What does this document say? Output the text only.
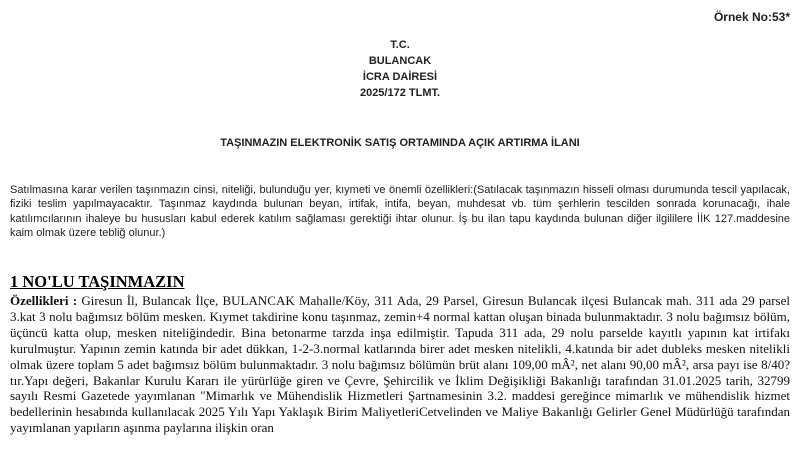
Örnek No:53*
T.C.
BULANCAK
İCRA DAİRESİ
2025/172 TLMT.
TAŞINMAZIN ELEKTRONİK SATIŞ ORTAMINDA AÇIK ARTIRMA İLANI
Satılmasına karar verilen taşınmazın cinsi, niteliği, bulunduğu yer, kıymeti ve önemli özellikleri:(Satılacak taşınmazın hisseli olması durumunda tescil yapılacak, fiziki teslim yapılmayacaktır. Taşınmaz kaydında bulunan beyan, irtifak, intifa, beyan, muhdesat vb. tüm şerhlerin tescilden sonrada korunacağı, ihale katılımcılarının ihaleye bu hususları kabul ederek katılım sağlaması gerektiği ihtar olunur. İş bu ilan tapu kaydında bulunan diğer ilgililere İİK 127.maddesine kaim olmak üzere tebliğ olunur.)
1 NO'LU TAŞINMAZIN
Özellikleri : Giresun İl, Bulancak İlçe, BULANCAK Mahalle/Köy, 311 Ada, 29 Parsel, Giresun Bulancak ilçesi Bulancak mah. 311 ada 29 parsel 3.kat 3 nolu bağımsız bölüm mesken. Kıymet takdirine konu taşınmaz, zemin+4 normal kattan oluşan binada bulunmaktadır. 3 nolu bağımsız bölüm, üçüncü katta olup, mesken niteliğindedir. Bina betonarme tarzda inşa edilmiştir. Tapuda 311 ada, 29 nolu parselde kayıtlı yapının kat irtifakı kurulmuştur. Yapının zemin katında bir adet dükkan, 1-2-3.normal katlarında birer adet mesken nitelikli, 4.katında bir adet dubleks mesken nitelikli olmak üzere toplam 5 adet bağımsız bölüm bulunmaktadır. 3 nolu bağımsız bölümün brüt alanı 109,00 mÂ², net alanı 90,00 mÂ², arsa payı ise 8/40?tır.Yapı değeri, Bakanlar Kurulu Kararı ile yürürlüğe giren ve Çevre, Şehircilik ve İklim Değişikliği Bakanlığı tarafından 31.01.2025 tarih, 32799 sayılı Resmi Gazetede yayımlanan "Mimarlık ve Mühendislik Hizmetleri Şartnamesinin 3.2. maddesi gereğince mimarlık ve mühendislik hizmet bedellerinin hesabında kullanılacak 2025 Yılı Yapı Yaklaşık Birim MaliyetleriCetvelinden ve Maliye Bakanlığı Gelirler Genel Müdürlüğü tarafından yayımlanan yapıların aşınma paylarına ilişkin oran
